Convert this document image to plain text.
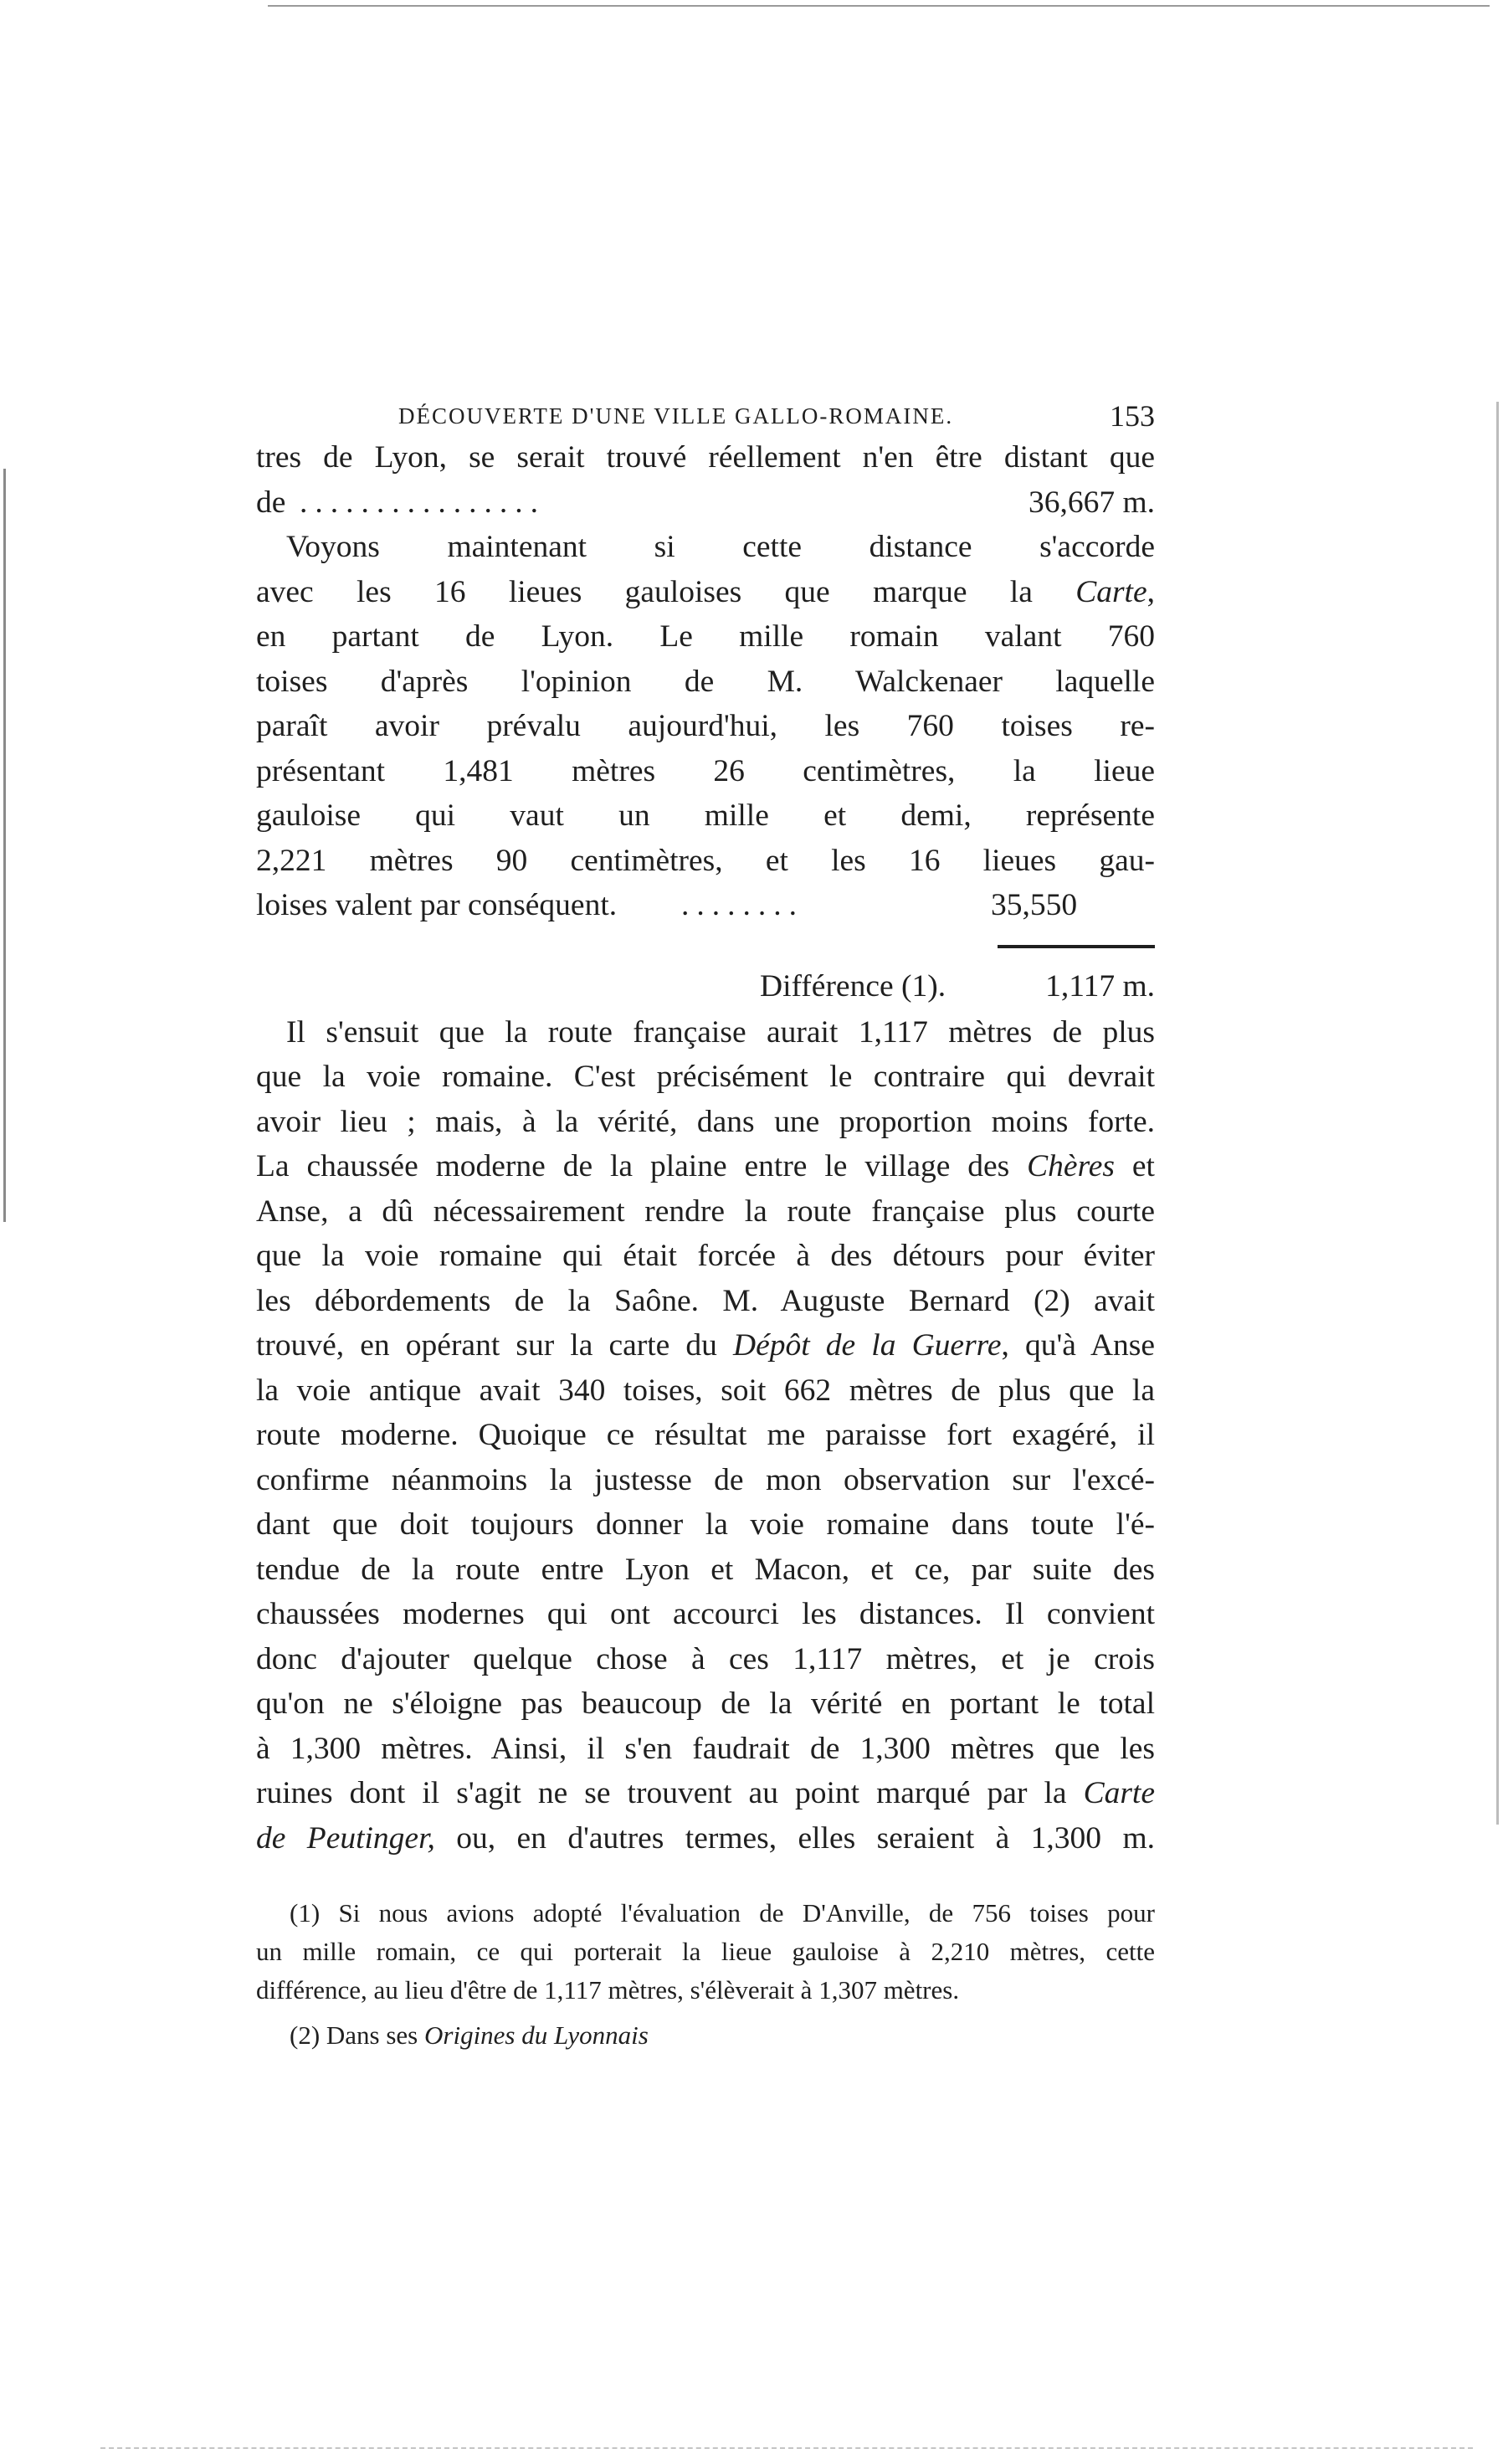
DÉCOUVERTE D'UNE VILLE GALLO-ROMAINE.	153

tres de Lyon, se serait trouvé réellement n'en être distant que

de ................	36,667 m.

Voyons maintenant si cette distance s'accorde

avec les 16 lieues gauloises que marque la Carte,

en partant de Lyon. Le mille romain valant 760

toises d'après l'opinion de M. Walckenaer laquelle

paraît avoir prévalu aujourd'hui, les 760 toises re-

présentant 1,481 mètres 26 centimètres, la lieue

gauloise qui vaut un mille et demi, représente

2,221 mètres 90 centimètres, et les 16 lieues gau-

loises valent par conséquent. ........	35,550
Différence (1).	1,117 m.

Il s'ensuit que la route française aurait 1,117 mètres de plus

que la voie romaine. C'est précisément le contraire qui devrait

avoir lieu ; mais, à la vérité, dans une proportion moins forte.

La chaussée moderne de la plaine entre le village des Chères et

Anse, a dû nécessairement rendre la route française plus courte

que la voie romaine qui était forcée à des détours pour éviter

les débordements de la Saône. M. Auguste Bernard (2) avait

trouvé, en opérant sur la carte du Dépôt de la Guerre, qu'à Anse

la voie antique avait 340 toises, soit 662 mètres de plus que la

route moderne. Quoique ce résultat me paraisse fort exagéré, il

confirme néanmoins la justesse de mon observation sur l'excé-

dant que doit toujours donner la voie romaine dans toute l'é-

tendue de la route entre Lyon et Macon, et ce, par suite des

chaussées modernes qui ont accourci les distances. Il convient

donc d'ajouter quelque chose à ces 1,117 mètres, et je crois

qu'on ne s'éloigne pas beaucoup de la vérité en portant le total

à 1,300 mètres. Ainsi, il s'en faudrait de 1,300 mètres que les

ruines dont il s'agit ne se trouvent au point marqué par la Carte

de Peutinger, ou, en d'autres termes, elles seraient à 1,300 m.

(1) Si nous avions adopté l'évaluation de D'Anville, de 756 toises pour

un mille romain, ce qui porterait la lieue gauloise à 2,210 mètres, cette

différence, au lieu d'être de 1,117 mètres, s'élèverait à 1,307 mètres.

(2) Dans ses Origines du Lyonnais
